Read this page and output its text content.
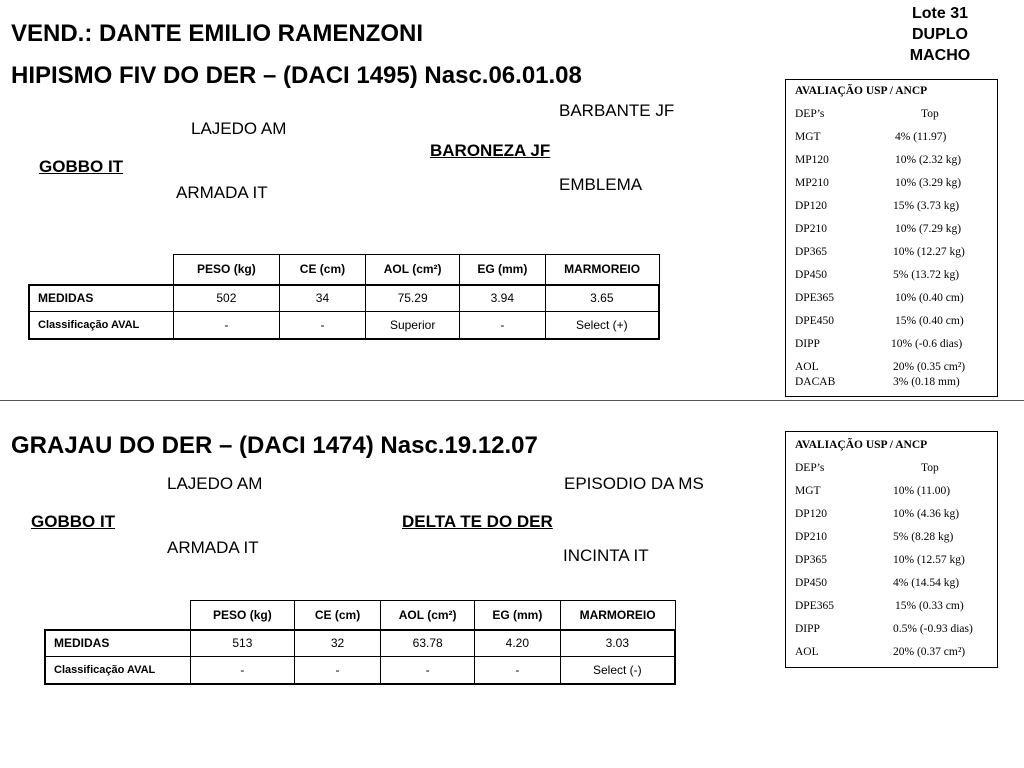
VEND.: DANTE EMILIO RAMENZONI
Lote 31
DUPLO
MACHO
HIPISMO FIV DO DER – (DACI 1495) Nasc.06.01.08
BARBANTE JF
LAJEDO AM
BARONEZA JF
GOBBO IT
EMBLEMA
ARMADA IT
	PESO (kg)	CE (cm)	AOL (cm²)	EG (mm)	MARMOREIO
MEDIDAS	502	34	75.29	3.94	3.65
Classificação AVAL	-	-	Superior	-	Select (+)
AVALIAÇÃO USP / ANCP
DEP’s	Top
MGT	4% (11.97)
MP120	10% (2.32 kg)
MP210	10% (3.29 kg)
DP120	15% (3.73 kg)
DP210	10% (7.29 kg)
DP365	10% (12.27 kg)
DP450	5% (13.72 kg)
DPE365	10% (0.40 cm)
DPE450	15% (0.40 cm)
DIPP	10% (-0.6 dias)
AOL	20% (0.35 cm²)
DACAB	3% (0.18 mm)
GRAJAU DO DER – (DACI 1474) Nasc.19.12.07
LAJEDO AM	EPISODIO DA MS
GOBBO IT	DELTA TE DO DER
ARMADA IT	INCINTA IT
	PESO (kg)	CE (cm)	AOL (cm²)	EG (mm)	MARMOREIO
MEDIDAS	513	32	63.78	4.20	3.03
Classificação AVAL	-	-	-	-	Select (-)
AVALIAÇÃO USP / ANCP
DEP’s	Top
MGT	10% (11.00)
DP120	10% (4.36 kg)
DP210	5% (8.28 kg)
DP365	10% (12.57 kg)
DP450	4% (14.54 kg)
DPE365	15% (0.33 cm)
DIPP	0.5% (-0.93 dias)
AOL	20% (0.37 cm²)
